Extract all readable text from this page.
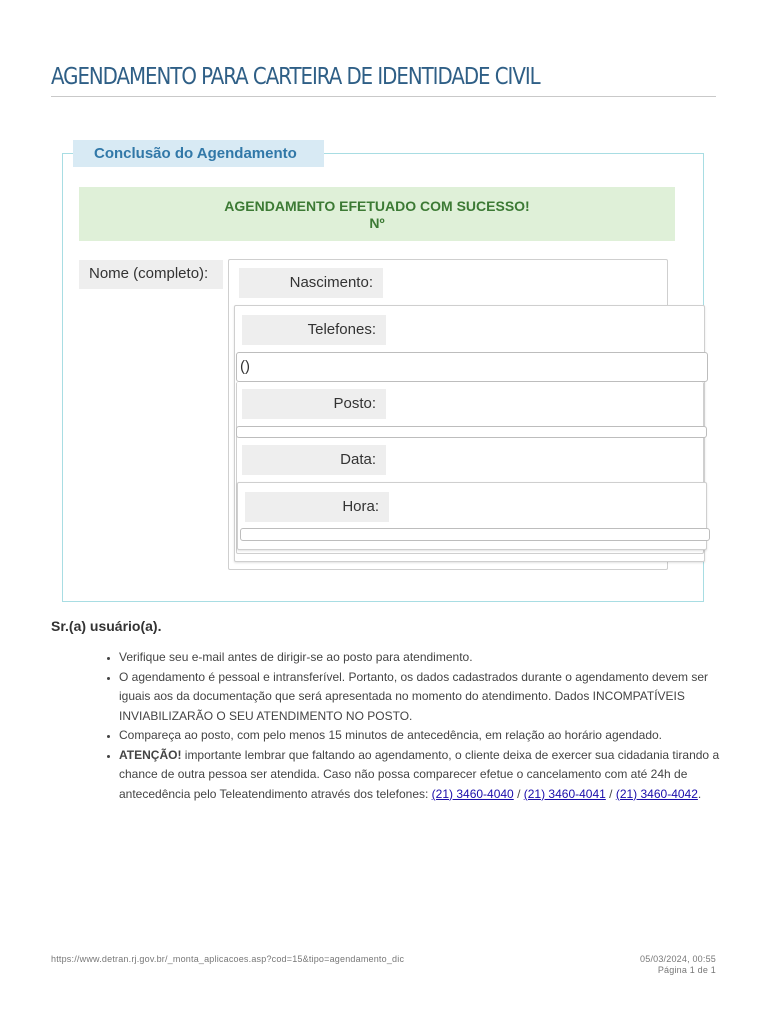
AGENDAMENTO PARA CARTEIRA DE IDENTIDADE CIVIL
Conclusão do Agendamento
AGENDAMENTO EFETUADO COM SUCESSO!
Nº
Nome (completo):
Nascimento:
Telefones:
()
Posto:
Data:
Hora:
Sr.(a) usuário(a).
• Verifique seu e-mail antes de dirigir-se ao posto para atendimento.
• O agendamento é pessoal e intransferível. Portanto, os dados cadastrados durante o agendamento devem ser iguais aos da documentação que será apresentada no momento do atendimento. Dados INCOMPATÍVEIS INVIABILIZARÃO O SEU ATENDIMENTO NO POSTO.
• Compareça ao posto, com pelo menos 15 minutos de antecedência, em relação ao horário agendado.
• ATENÇÃO! importante lembrar que faltando ao agendamento, o cliente deixa de exercer sua cidadania tirando a chance de outra pessoa ser atendida. Caso não possa comparecer efetue o cancelamento com até 24h de antecedência pelo Teleatendimento através dos telefones: (21) 3460-4040 / (21) 3460-4041 / (21) 3460-4042.
https://www.detran.rj.gov.br/_monta_aplicacoes.asp?cod=15&tipo=agendamento_dic	05/03/2024, 00:55
Página 1 de 1
